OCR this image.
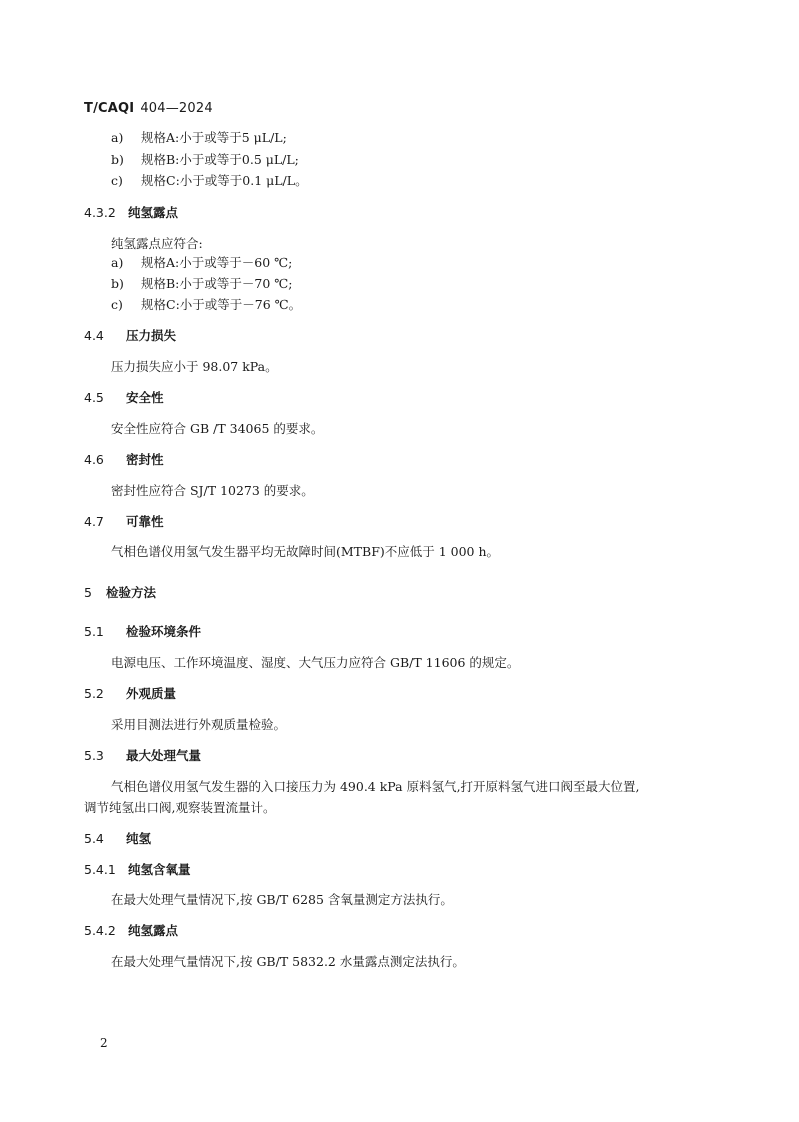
T/CAQI 404—2024
a) 规格A:小于或等于5 μL/L;
b) 规格B:小于或等于0.5 μL/L;
c) 规格C:小于或等于0.1 μL/L。
4.3.2 纯氢露点
纯氢露点应符合:
a) 规格A:小于或等于－60 ℃;
b) 规格B:小于或等于－70 ℃;
c) 规格C:小于或等于－76 ℃。
4.4 压力损失
压力损失应小于 98.07 kPa。
4.5 安全性
安全性应符合 GB /T 34065 的要求。
4.6 密封性
密封性应符合 SJ/T 10273 的要求。
4.7 可靠性
气相色谱仪用氢气发生器平均无故障时间(MTBF)不应低于 1 000 h。
5 检验方法
5.1 检验环境条件
电源电压、工作环境温度、湿度、大气压力应符合 GB/T 11606 的规定。
5.2 外观质量
采用目测法进行外观质量检验。
5.3 最大处理气量
气相色谱仪用氢气发生器的入口接压力为 490.4 kPa 原料氢气,打开原料氢气进口阀至最大位置,
调节纯氢出口阀,观察装置流量计。
5.4 纯氢
5.4.1 纯氢含氧量
在最大处理气量情况下,按 GB/T 6285 含氧量测定方法执行。
5.4.2 纯氢露点
在最大处理气量情况下,按 GB/T 5832.2 水量露点测定法执行。
2
